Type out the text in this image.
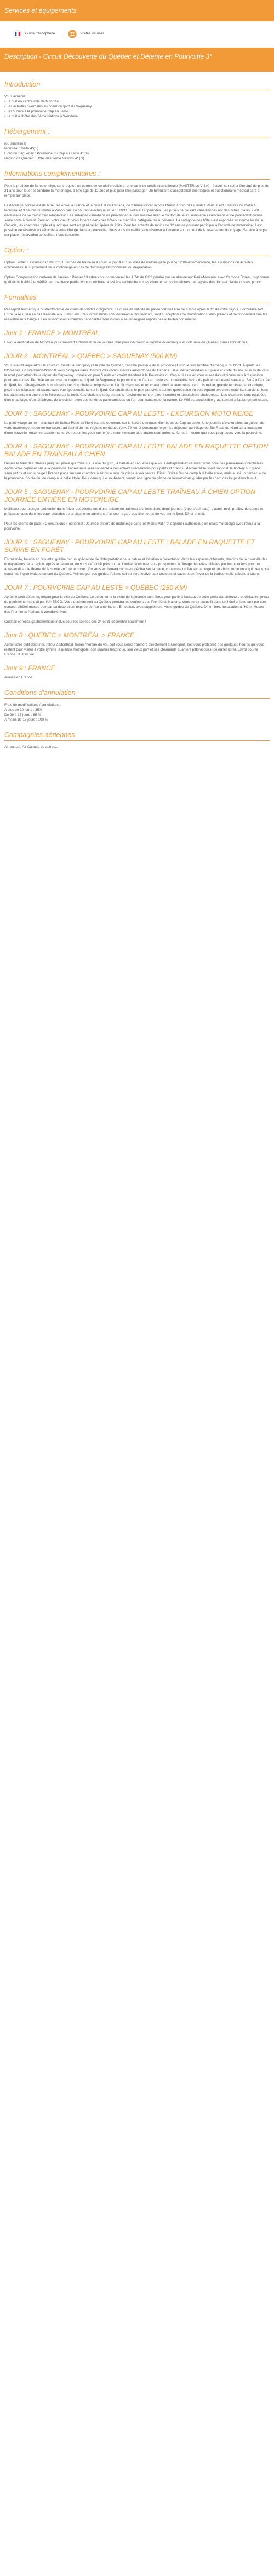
Services et équipements
Guide francophone	Visites incluses
Description - Circuit Découverte du Québec et Détente en Pourvoirie 3*
Introduction
Vous aimerez :
- La nuit en centre-ville de Montréal
- Les activités hivernales au coeur du fjord du Saguenay
- Les 5 nuits à la pourvoirie Cap au Leste
- La nuit à l'hôtel des 3ème Nations à Wendake
Hébergement :
(ou similaires)
Montréal : Delta 4*(nl)
Fjord du Saguenay : Pourvoirie du Cap au Leste 4*(nl)
Région de Québec : Hôtel des 3ème Nations 4* (nl)
Informations complémentaires :
Pour la pratique de la motoneige, sont requis : un permis de conduire valide et une carte de crédit internationale (MASTER ou VISA) - à avoir sur soi, a être âgé de plus de 21 ans pour louer et conduire la motoneige, a être âgé de 12 ans et plus pour être passager. Un formulaire d'acceptation des risques et questionnaire médical sera à remplir sur place.
Le décalage horaire est de 6 heures entre la France et la côte Est du Canada, de 9 heures avec la côte Ouest. Lorsqu'il est midi à Paris, il est 6 heures du matin à Montréal et 3 heures du matin à Vancouver. Le courant électrique est en 110/115 volts et 60 periodes. Les prises de courant canadiennes ont des fiches plates, il est nécessaire de se munir d'un adaptateur. Les aubaines canadiens ne peuvent en aucun rivaliser avec le confort de leurs semblables européens et ne possèdent qu'une seule porte à l'avant. Pendant votre circuit, vous logerez dans des hôtels de première catégorie ou supérieure. La catégorie des hôtels est exprimée en norme locale. Au Canada, les chambres triple et quadruple sont en général équipées de 2 lits. Pour les enfants de moins de 12 ans ne pouvant participer à l'activité de motoneige, il est possible de réserver un véhicule à votre charge dans la pourvoirie. Nous vous conseillons de réserver à l'avance au moment de la réservation du voyage. Service à régler sur place, réservation conseillée, nous consulter.
Option :
Option Forfait 2 excursions "2MCC" (1 journée de traîneau à chien le jour 4 et 1 journée de motoneige le jour 5) : 200euros/personne, les excursions ou activités optionnelles, le supplément de la motoneige en cas de dommage l'immobilisant ou dégradation.
Option Compensation carbone de l'aérien : Planter 13 arbres pour compenser les 1,74t de CO2 généré par un aller-retour Paris-Montréal avec Carbone Boréal, organisme québécois habilité et vérifié par une tierce partie. Vous contribuez aussi à la recherche sur les changements climatiques. Le registre des dons et plantations est public.
Formalités
Passeport biométrique ou électronique en cours de validité obligatoire. La durée de validité du passeport doit être de 6 mois après la fin de votre séjour. Formulaire AVE Formulaire ESTA en cas d'escale aux Etats-Unis. Ces informations sont données à titre indicatif, sont susceptibles de modifications sans préavis et ne concernent que les ressortissants français. Les ressortissants d'autres nationalités sont invités à se renseigner auprès des autorités consulaires.
Jour 1 : FRANCE > MONTRÉAL
Envol à destination de Montréal puis transfert à l'hôtel et fin de journée libre pour découvrir le capitale économique et culturelle du Québec. Dîner libre et nuit.
JOUR 2 : MONTRÉAL > QUÉBEC > SAGUENAY (500 KM)
Vous suivrez aujourd'hui le cours du Saint-Laurent jusqu'à la ville de Québec, capitale politique de la province et unique ville fortifiée d'Amérique du Nord. À quelques kilomètres, un site Huron-Wendat vous plongera dans l'histoire des communautés autochtones du Canada. Déjeuner amérindien sur place et visite du site. Puis route vers le nord pour atteindre la région du Saguenay. Installation pour 5 nuits en chalet standard à la Pourvoirie du Cap au Leste où vous aurez des véhicules mis à disposition pour vos sorties. Perchée au sommet de majestueux fjord du Saguenay, la pourvoirie du Cap au Leste est un véritable havre de paix et de beauté sauvage. Situé à l'entrée du fjord, les hébergements sont répartis sur cinq chalets composés de 1 à 10 chambres et un chalet principal avec restaurant, bistro-bar, grande terrasse panoramique, piscine de relaxation et sauna avec vue époustouflante sur le fjord. Construits dans le plus pur style tradition québécoise en bois équarri avec des matériaux anciens, tous les bâtiments ont une vue le fjord ou sur la forêt. Ces chalets s'intègrent dans l'environnement et offrent confort et atmosphère chaleureuse. Les chambres sont équipées d'un chauffage, d'un téléphone, de télévision avec des fenêtres panoramiques où l'on peut contempler la nature. Le Wifi est accessible gratuitement à l'auberge principale.
JOUR 3 : SAGUENAY - POURVOIRIE CAP AU LESTE - EXCURSION MOTO NEIGE
Le petit-village au nom chantant de Sainte-Rose-du-Nord est une ouverture sur le fjord à quelques kilomètres du Cap au Leste. Une journée d'exploration, au guidon de votre motoneige, mode de transport traditionnel de nos régions nordiques (env. 70 km, 2 pers/motoneige). Le déjeuner au village de Ste-Rose-du-Nord sera l'occasion d'une nouvelle rencontre passionnante. Au retour, les yeux sur le fjord seront encore plus impressionnantes au fur et à mesure que vous progressez vers la pourvoirie.
JOUR 4 : SAGUENAY - POURVOIRIE CAP AU LESTE BALADE EN RAQUETTE OPTION BALADE EN TRAÎNEAU À CHIEN
Depuis le haut des falaises jusqu'au phare qui trône sur la rive du fjord, la balade en raquettes que vous entreprendrez ce matin vous offre des panoramas inoubliables. Après votre déjeuner pris à la pourvoirie, l'après-midi sera consacré à des activités récréatives pour petits et grands : découvrez le sport national, le hockey sur glace... sans patins et sur la neige ! Prenez place sur une chambre à air ou le luge de glisse à vos pentes. Dîner. Soirée feu de camp à la belle étoile, mais aussi un barbecue de la pourvoirie. Soirée feu de camp à la belle étoile. Pour ceux qui le souhaitent, tentez une ligne de pêche ou laissez-vous guider par le chant des loups dans la nuit.
JOUR 5 : SAGUENAY - POURVOIRIE CAP AU LESTE TRAÎNEAU À CHIEN OPTION JOURNÉE ENTIÈRE EN MOTONEIGE
Mollissez pour plonger tout entier dans l'hiver québécois lors d'une balade en traîneau à chiens d'une demi-journée (2 pers/traîneau). L'après-midi, profitez du sauna et prélassez-vous dans les eaux chaudes de la piscine en admirant d'un seul regard des kilomètres de vue sur le fjord. Dîner et nuit.
Pour les clients du pack « 2 excursions » optionnel : Journée entière de motoneige dans les Monts Valin et déjeuner authentique en relais motoneige avec retour à la pourvoirie.
JOUR 6 : SAGUENAY - POURVOIRIE CAP AU LESTE : BALADE EN RAQUETTE ET SURVIE EN FORÊT
En matinée, balade en raquette, guidée par un spécialiste de l'interprétation de la nature et initiation à l'orientation dans les espaces différents, témoins de la diversité des écosystèmes de la région. Après le déjeuner, en vous rafraîchit près du Lac Louise, sous une tente prospecteur à l'image de celles utilisées par les pionniers pour un après-midi sur le thème de la survie en forêt en hiver. On vous expliquera comment pêcher sur la glace, construire un feu sur la neige et un abri comme un « quinzee », ce cousin de l'igloo typique du sud du Québec. Animée par vos guides, l'ultime soirée sera festive, aux couleurs et saveurs de l'hiver de la traditionnelle cabane à sucre.
JOUR 7 : POURVOIRIE CAP AU LESTE > QUÉBEC (250 KM)
Après le petit déjeuner, départ pour la ville de Québec. Le déjeuner et la visite de la journée sont libres pour partir à l'assaut de cette perle d'architecture et d'histoire, joyau du patrimoine mondial par l'UNESCO. Votre dernière nuit au Québec prendra les couleurs des Premières Nations. Vous serez accueilli dans un hôtel unique tant par son concept d'hôtel-musée que par sa décoration inspirée de l'art amérindien. En option, avec supplément, visite guidée de Québec. Dîner libre. Installation à l'Hôtel-Musée des Premières Nations à Wendake. Nuit.
Cocktail et repas gastronomique inclus pour les soirées des 24 et 31 décembre seulement !
Jour 8 : QUÉBEC > MONTRÉAL > FRANCE
Après votre petit déjeuner, retour à Montréal. Selon l'horaire de vol, soit vous serez transféré directement à l'aéroport, soit vous profiterez des quelques heures qui vous restent pour visiter à votre rythme la grande métropole, son quartier historique, son vieux port et ses charmants quartiers pittoresques (déjeuner libre). Envol pour la France. Nuit en vol.
Jour 9 : FRANCE
Arrivée en France.
Conditions d'annulation
Frais de modifications / annulations :
A plus de 30 jours : 35%
De 29 à 15 jours : 85 %
A moins de 15 jours : 100 %
Compagnies aériennes
Air transat, Air Canada ou autres...
